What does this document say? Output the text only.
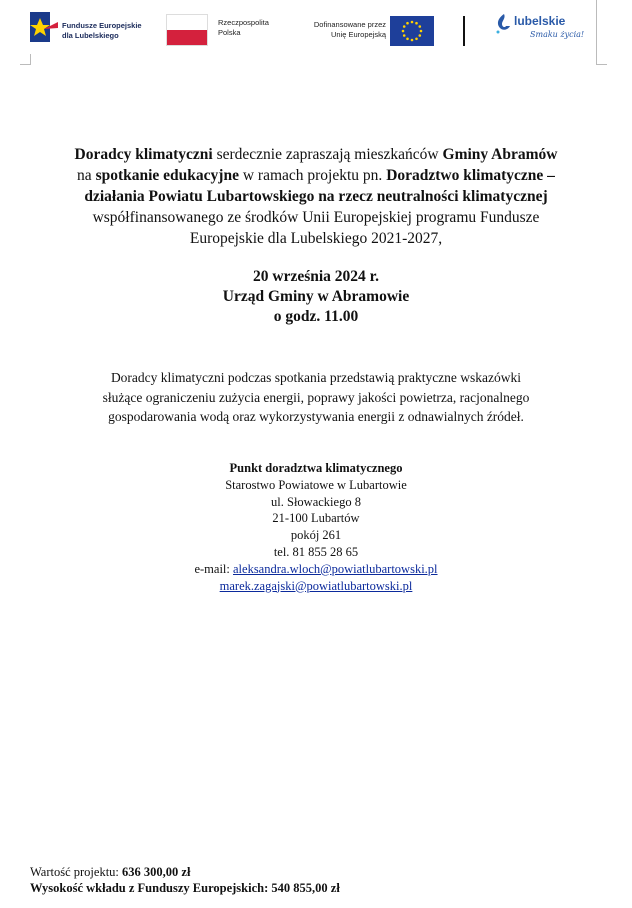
Fundusze Europejskie
dla Lubelskiego
Rzeczpospolita
Polska
Dofinansowane przez
Unię Europejską
lubelskie
Smaku życia!
Doradcy klimatyczni serdecznie zapraszają mieszkańców Gminy Abramów
na spotkanie edukacyjne w ramach projektu pn. Doradztwo klimatyczne –
działania Powiatu Lubartowskiego na rzecz neutralności klimatycznej
współfinansowanego ze środków Unii Europejskiej programu Fundusze
Europejskie dla Lubelskiego 2021-2027,
20 września 2024 r.
Urząd Gminy w Abramowie
o godz. 11.00
Doradcy klimatyczni podczas spotkania przedstawią praktyczne wskazówki
służące ograniczeniu zużycia energii, poprawy jakości powietrza, racjonalnego
gospodarowania wodą oraz wykorzystywania energii z odnawialnych źródeł.
Punkt doradztwa klimatycznego
Starostwo Powiatowe w Lubartowie
ul. Słowackiego 8
21-100 Lubartów
pokój 261
tel. 81 855 28 65
e-mail: aleksandra.wloch@powiatlubartowski.pl
marek.zagajski@powiatlubartowski.pl
Wartość projektu: 636 300,00 zł
Wysokość wkładu z Funduszy Europejskich: 540 855,00 zł
